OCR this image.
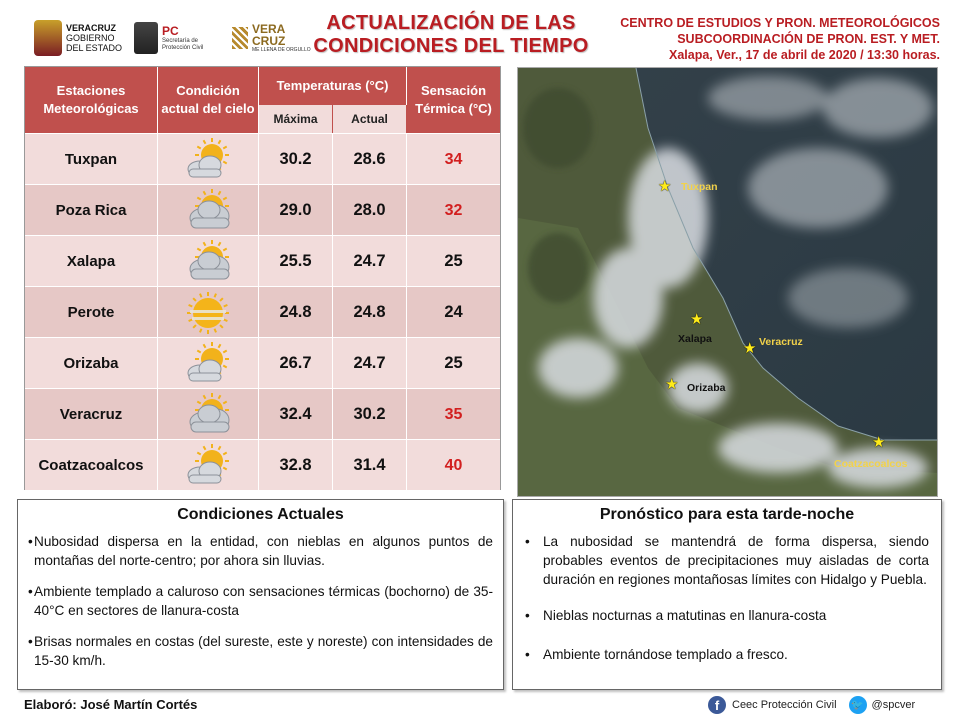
VERACRUZ
GOBIERNO
DEL ESTADO
PC
Secretaría de
Protección Civil
VERA
CRUZ
ME LLENA DE ORGULLO
ACTUALIZACIÓN DE LAS
CONDICIONES DEL TIEMPO
CENTRO DE ESTUDIOS Y PRON. METEOROLÓGICOS
SUBCOORDINACIÓN DE PRON. EST. Y MET.
Xalapa, Ver., 17 de abril de 2020 / 13:30 horas.
Estaciones Meteorológicas
Condición actual del cielo
Temperaturas (°C)
Máxima	Actual
Sensación Térmica (°C)
Tuxpan	30.2	28.6	34
Poza Rica	29.0	28.0	32
Xalapa	25.5	24.7	25
Perote	24.8	24.8	24
Orizaba	26.7	24.7	25
Veracruz	32.4	30.2	35
Coatzacoalcos	32.8	31.4	40
★ Tuxpan
★
Xalapa
★ Veracruz
★ Orizaba
★
Coatzacoalcos
Condiciones Actuales

• Nubosidad dispersa en la entidad, con nieblas en algunos puntos de montañas del norte-centro; por ahora sin lluvias.

• Ambiente templado a caluroso con sensaciones térmicas (bochorno) de 35-40°C en sectores de llanura-costa

• Brisas normales en costas (del sureste, este y noreste) con intensidades de 15-30 km/h.

Pronóstico para esta tarde-noche

• La nubosidad se mantendrá de forma dispersa, siendo probables eventos de precipitaciones muy aisladas de corta duración en regiones montañosas límites con Hidalgo y Puebla.

• Nieblas nocturnas a matutinas en llanura-costa

• Ambiente tornándose templado a fresco.

Elaboró: José Martín Cortés	f	Ceec Protección Civil 🐦 @spcver
